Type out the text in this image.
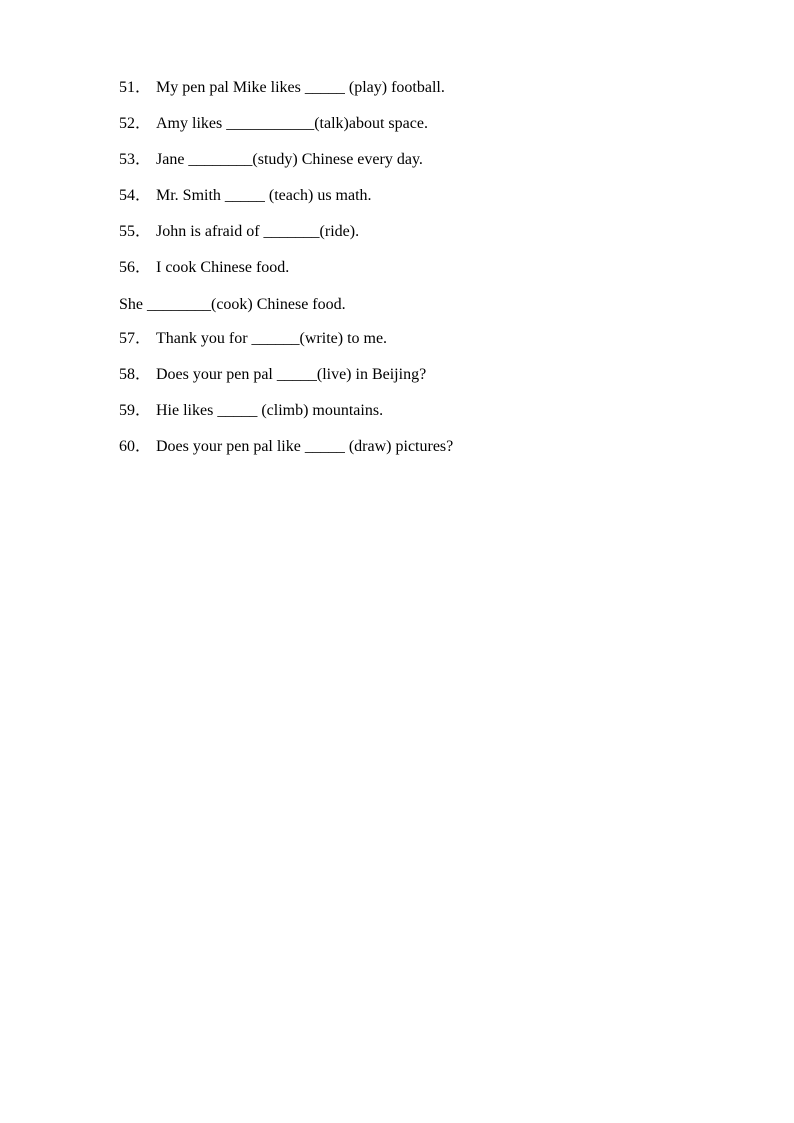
51． My pen pal Mike likes _____ (play) football.

52． Amy likes ___________(talk)about space.

53． Jane ________(study) Chinese every day.

54． Mr. Smith _____ (teach) us math.

55． John is afraid of _______(ride).

56． I cook Chinese food.

She ________(cook) Chinese food.

57． Thank you for ______(write) to me.

58． Does your pen pal _____(live) in Beijing?

59． Hie likes _____ (climb) mountains.

60． Does your pen pal like _____ (draw) pictures?
